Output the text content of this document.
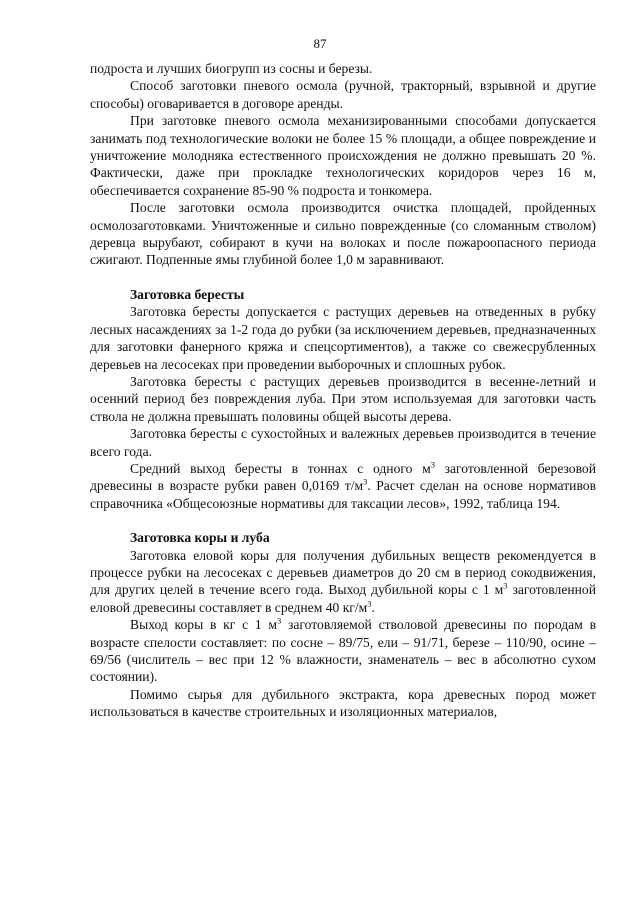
87

подроста и лучших биогрупп из сосны и березы.

Способ заготовки пневого осмола (ручной, тракторный, взрывной и другие способы) оговаривается в договоре аренды.

При заготовке пневого осмола механизированными способами допускается занимать под технологические волоки не более 15 % площади, а общее повреждение и уничтожение молодняка естественного происхождения не должно превышать 20 %. Фактически, даже при прокладке технологических коридоров через 16 м, обеспечивается сохранение 85-90 % подроста и тонкомера.

После заготовки осмола производится очистка площадей, пройденных осмолозаготовками. Уничтоженные и сильно поврежденные (со сломанным стволом) деревца вырубают, собирают в кучи на волоках и после пожароопасного периода сжигают. Подпенные ямы глубиной более 1,0 м заравнивают.

Заготовка бересты

Заготовка бересты допускается с растущих деревьев на отведенных в рубку лесных насаждениях за 1-2 года до рубки (за исключением деревьев, предназначенных для заготовки фанерного кряжа и спецсортиментов), а также со свежесрубленных деревьев на лесосеках при проведении выборочных и сплошных рубок.

Заготовка бересты с растущих деревьев производится в весенне-летний и осенний период без повреждения луба. При этом используемая для заготовки часть ствола не должна превышать половины общей высоты дерева.

Заготовка бересты с сухостойных и валежных деревьев производится в течение всего года.

Средний выход бересты в тоннах с одного $м^3$ заготовленной березовой древесины в возрасте рубки равен 0,0169 $т/м^3$. Расчет сделан на основе нормативов справочника «Общесоюзные нормативы для таксации лесов», 1992, таблица 194.

Заготовка коры и луба

Заготовка еловой коры для получения дубильных веществ рекомендуется в процессе рубки на лесосеках с деревьев диаметров до 20 см в период сокодвижения, для других целей в течение всего года. Выход дубильной коры с 1 $м^3$ заготовленной еловой древесины составляет в среднем 40 $кг/м^3$.

Выход коры в кг с 1 $м^3$ заготовляемой стволовой древесины по породам в возрасте спелости составляет: по сосне – 89/75, ели – 91/71, березе – 110/90, осине – 69/56 (числитель – вес при 12 % влажности, знаменатель – вес в абсолютно сухом состоянии).

Помимо сырья для дубильного экстракта, кора древесных пород может использоваться в качестве строительных и изоляционных материалов,
